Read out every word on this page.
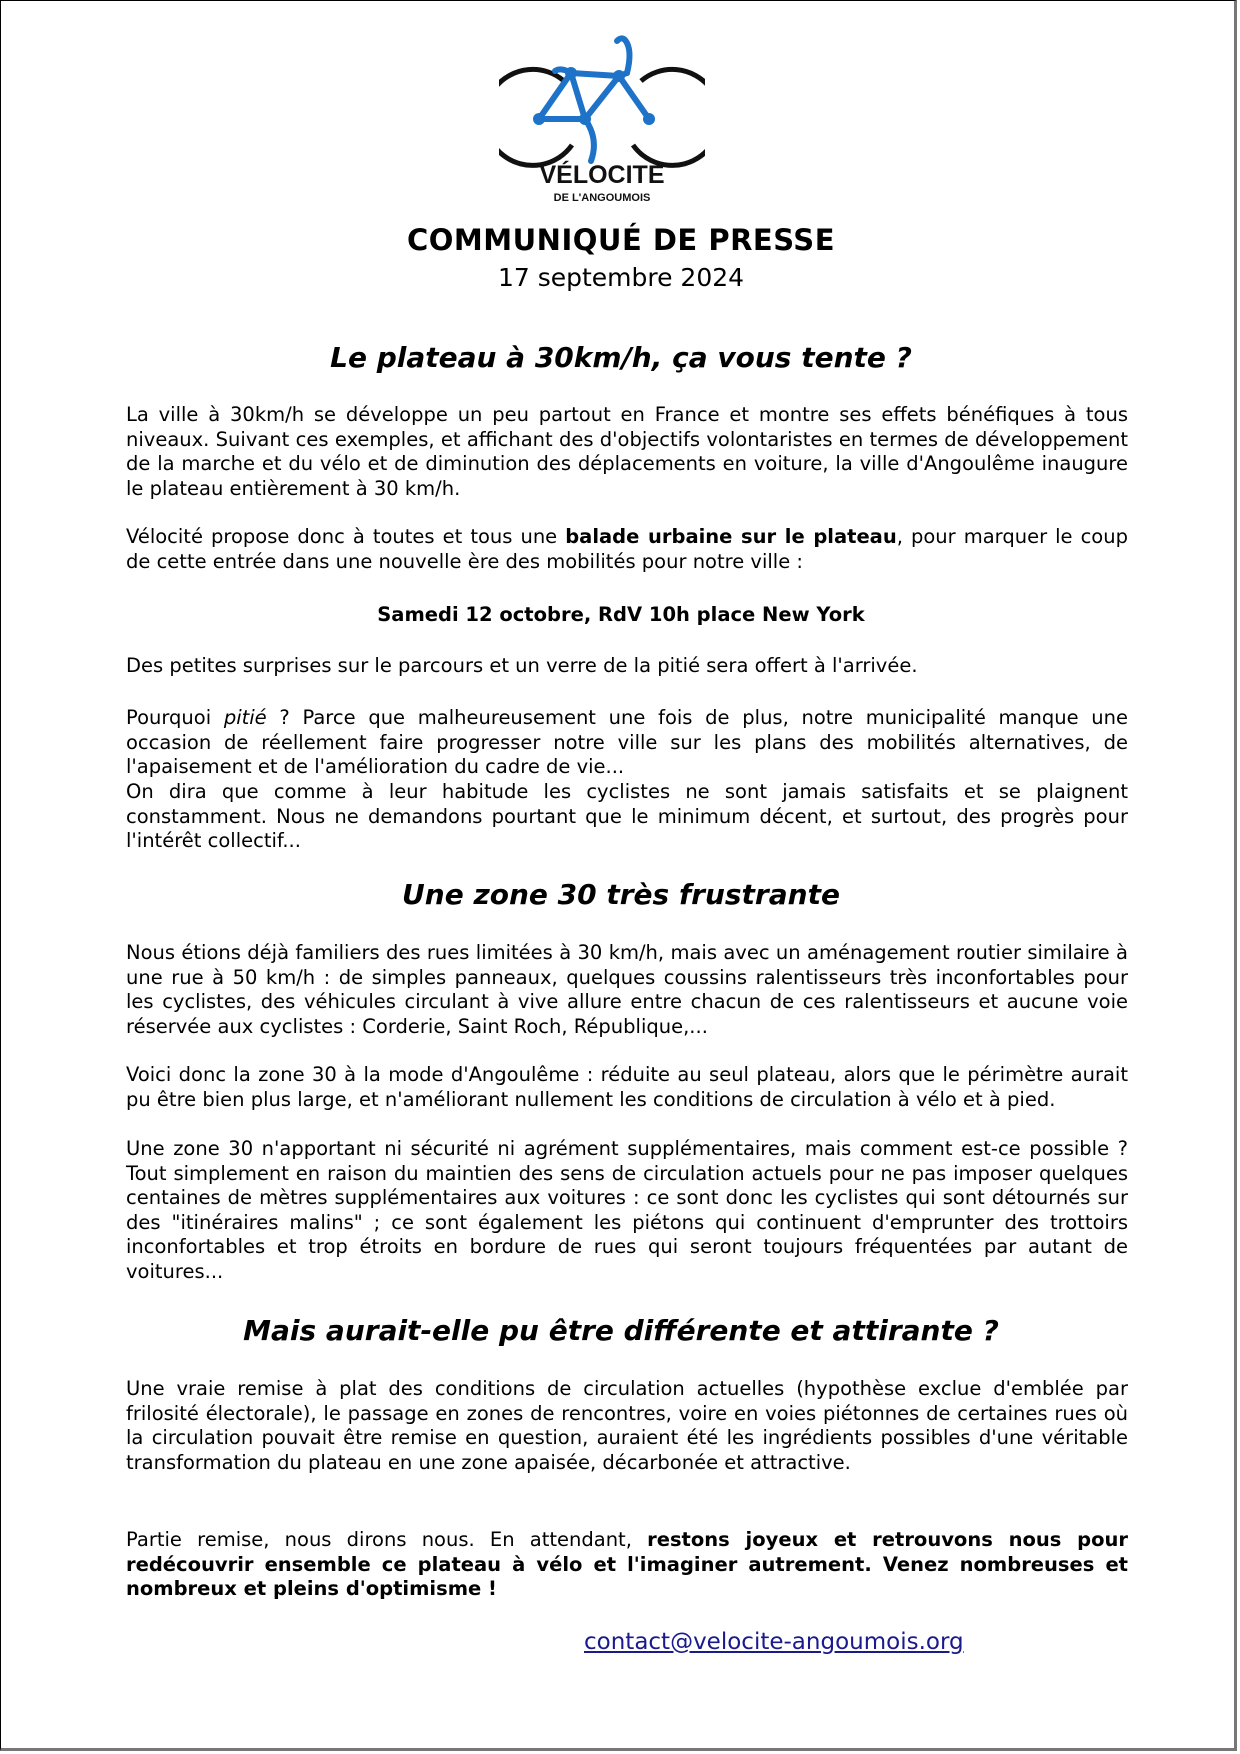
VÉLOCITE
DE L'ANGOUMOIS
COMMUNIQUÉ DE PRESSE
17 septembre 2024
Le plateau à 30km/h, ça vous tente ?

La ville à 30km/h se développe un peu partout en France et montre ses effets bénéfiques à tous niveaux. Suivant ces exemples, et affichant des d'objectifs volontaristes en termes de développement de la marche et du vélo et de diminution des déplacements en voiture, la ville d'Angoulême inaugure le plateau entièrement à 30 km/h.

Vélocité propose donc à toutes et tous une balade urbaine sur le plateau, pour marquer le coup de cette entrée dans une nouvelle ère des mobilités pour notre ville :

Samedi 12 octobre, RdV 10h place New York

Des petites surprises sur le parcours et un verre de la pitié sera offert à l'arrivée.

Pourquoi pitié ? Parce que malheureusement une fois de plus, notre municipalité manque une occasion de réellement faire progresser notre ville sur les plans des mobilités alternatives, de l'apaisement et de l'amélioration du cadre de vie...

On dira que comme à leur habitude les cyclistes ne sont jamais satisfaits et se plaignent constamment. Nous ne demandons pourtant que le minimum décent, et surtout, des progrès pour l'intérêt collectif...

Une zone 30 très frustrante

Nous étions déjà familiers des rues limitées à 30 km/h, mais avec un aménagement routier similaire à une rue à 50 km/h : de simples panneaux, quelques coussins ralentisseurs très inconfortables pour les cyclistes, des véhicules circulant à vive allure entre chacun de ces ralentisseurs et aucune voie réservée aux cyclistes : Corderie, Saint Roch, République,...

Voici donc la zone 30 à la mode d'Angoulême : réduite au seul plateau, alors que le périmètre aurait pu être bien plus large, et n'améliorant nullement les conditions de circulation à vélo et à pied.

Une zone 30 n'apportant ni sécurité ni agrément supplémentaires, mais comment est-ce possible ? Tout simplement en raison du maintien des sens de circulation actuels pour ne pas imposer quelques centaines de mètres supplémentaires aux voitures : ce sont donc les cyclistes qui sont détournés sur des "itinéraires malins" ; ce sont également les piétons qui continuent d'emprunter des trottoirs inconfortables et trop étroits en bordure de rues qui seront toujours fréquentées par autant de voitures...

Mais aurait-elle pu être différente et attirante ?

Une vraie remise à plat des conditions de circulation actuelles (hypothèse exclue d'emblée par frilosité électorale), le passage en zones de rencontres, voire en voies piétonnes de certaines rues où la circulation pouvait être remise en question, auraient été les ingrédients possibles d'une véritable transformation du plateau en une zone apaisée, décarbonée et attractive.

Partie remise, nous dirons nous. En attendant, restons joyeux et retrouvons nous pour redécouvrir ensemble ce plateau à vélo et l'imaginer autrement. Venez nombreuses et nombreux et pleins d'optimisme !

contact@velocite-angoumois.org
